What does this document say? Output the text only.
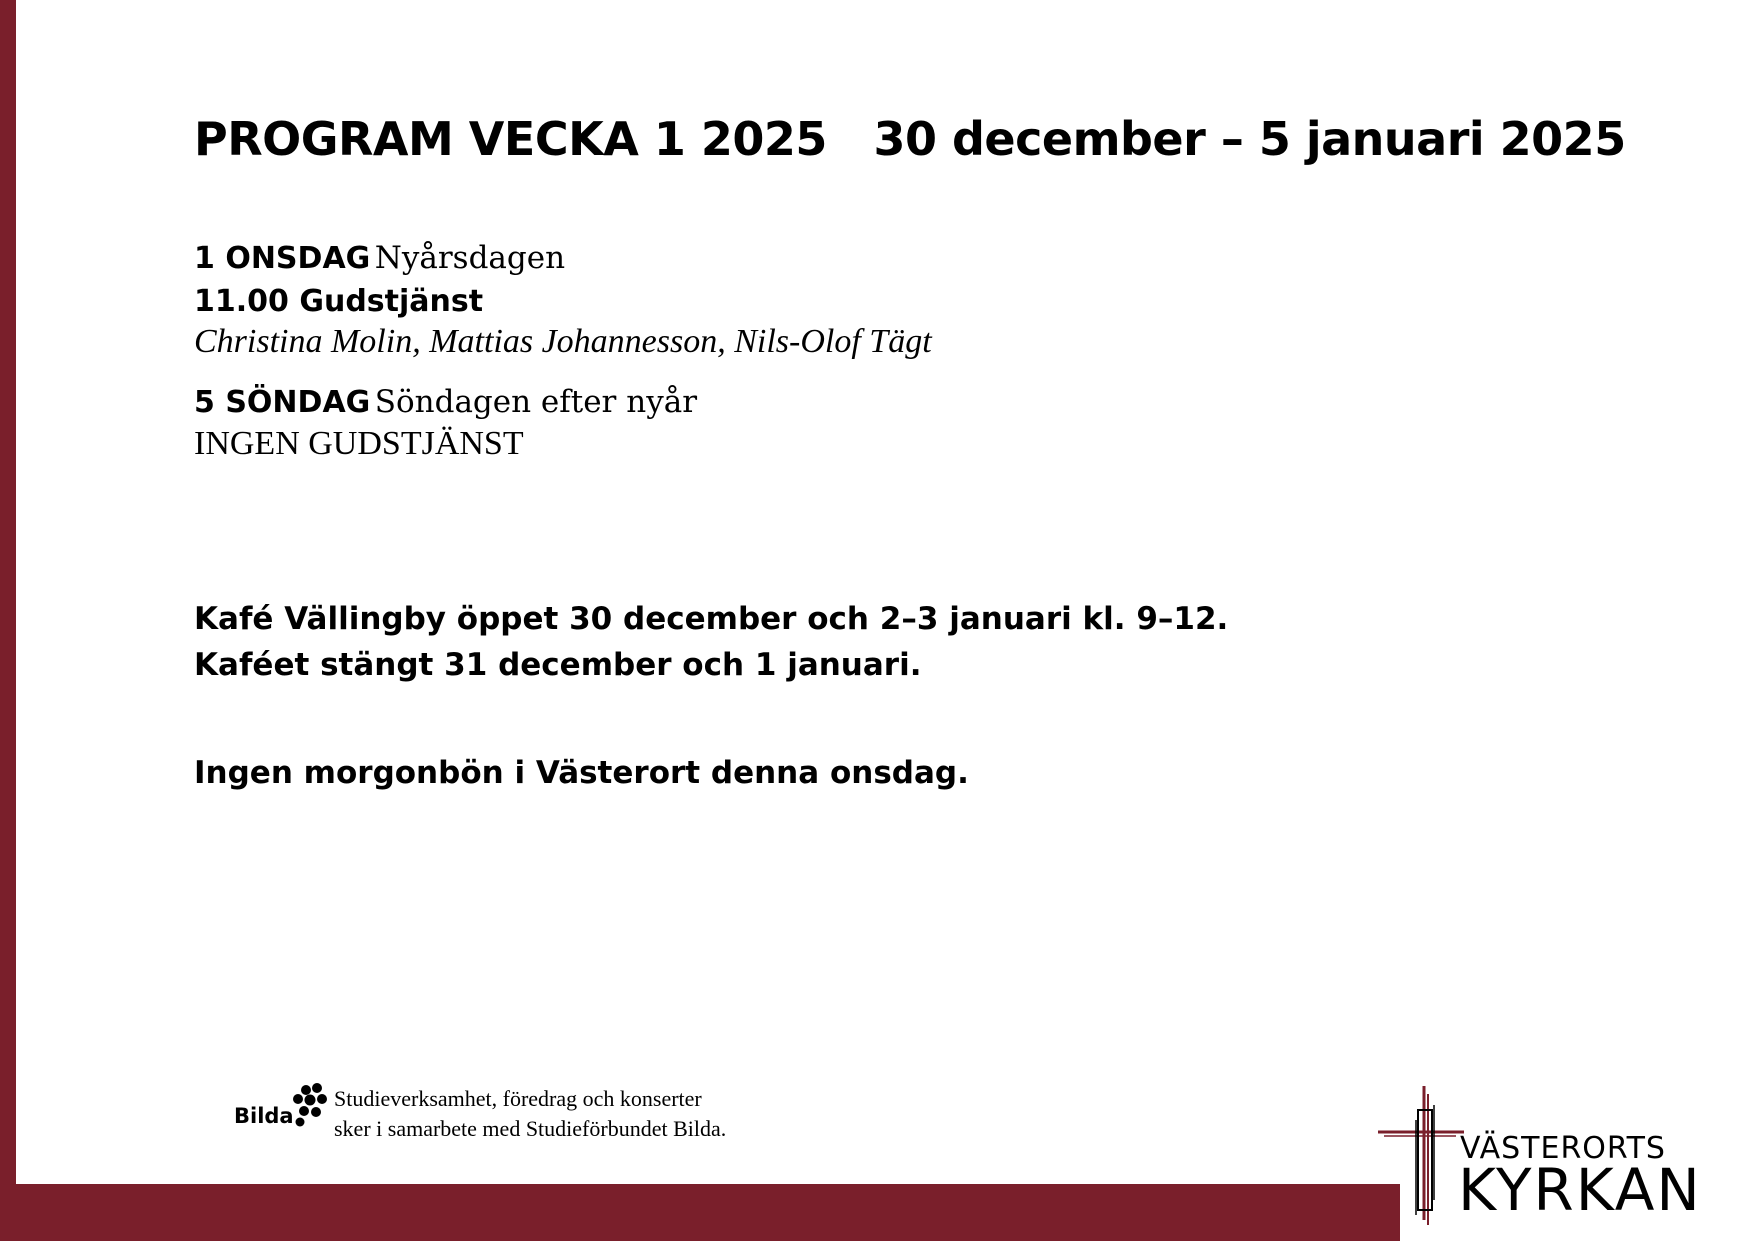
PROGRAM VECKA 1 2025   30 december – 5 januari 2025
1 ONSDAG Nyårsdagen
11.00 Gudstjänst
Christina Molin, Mattias Johannesson, Nils-Olof Tägt
5 SÖNDAG Söndagen efter nyår
INGEN GUDSTJÄNST
Kafé Vällingby öppet 30 december och 2–3 januari kl. 9–12.
Kaféet stängt 31 december och 1 januari.
Ingen morgonbön i Västerort denna onsdag.
Bilda
Studieverksamhet, föredrag och konserter
sker i samarbete med Studieförbundet Bilda.
VÄSTERORTS
KYRKAN
